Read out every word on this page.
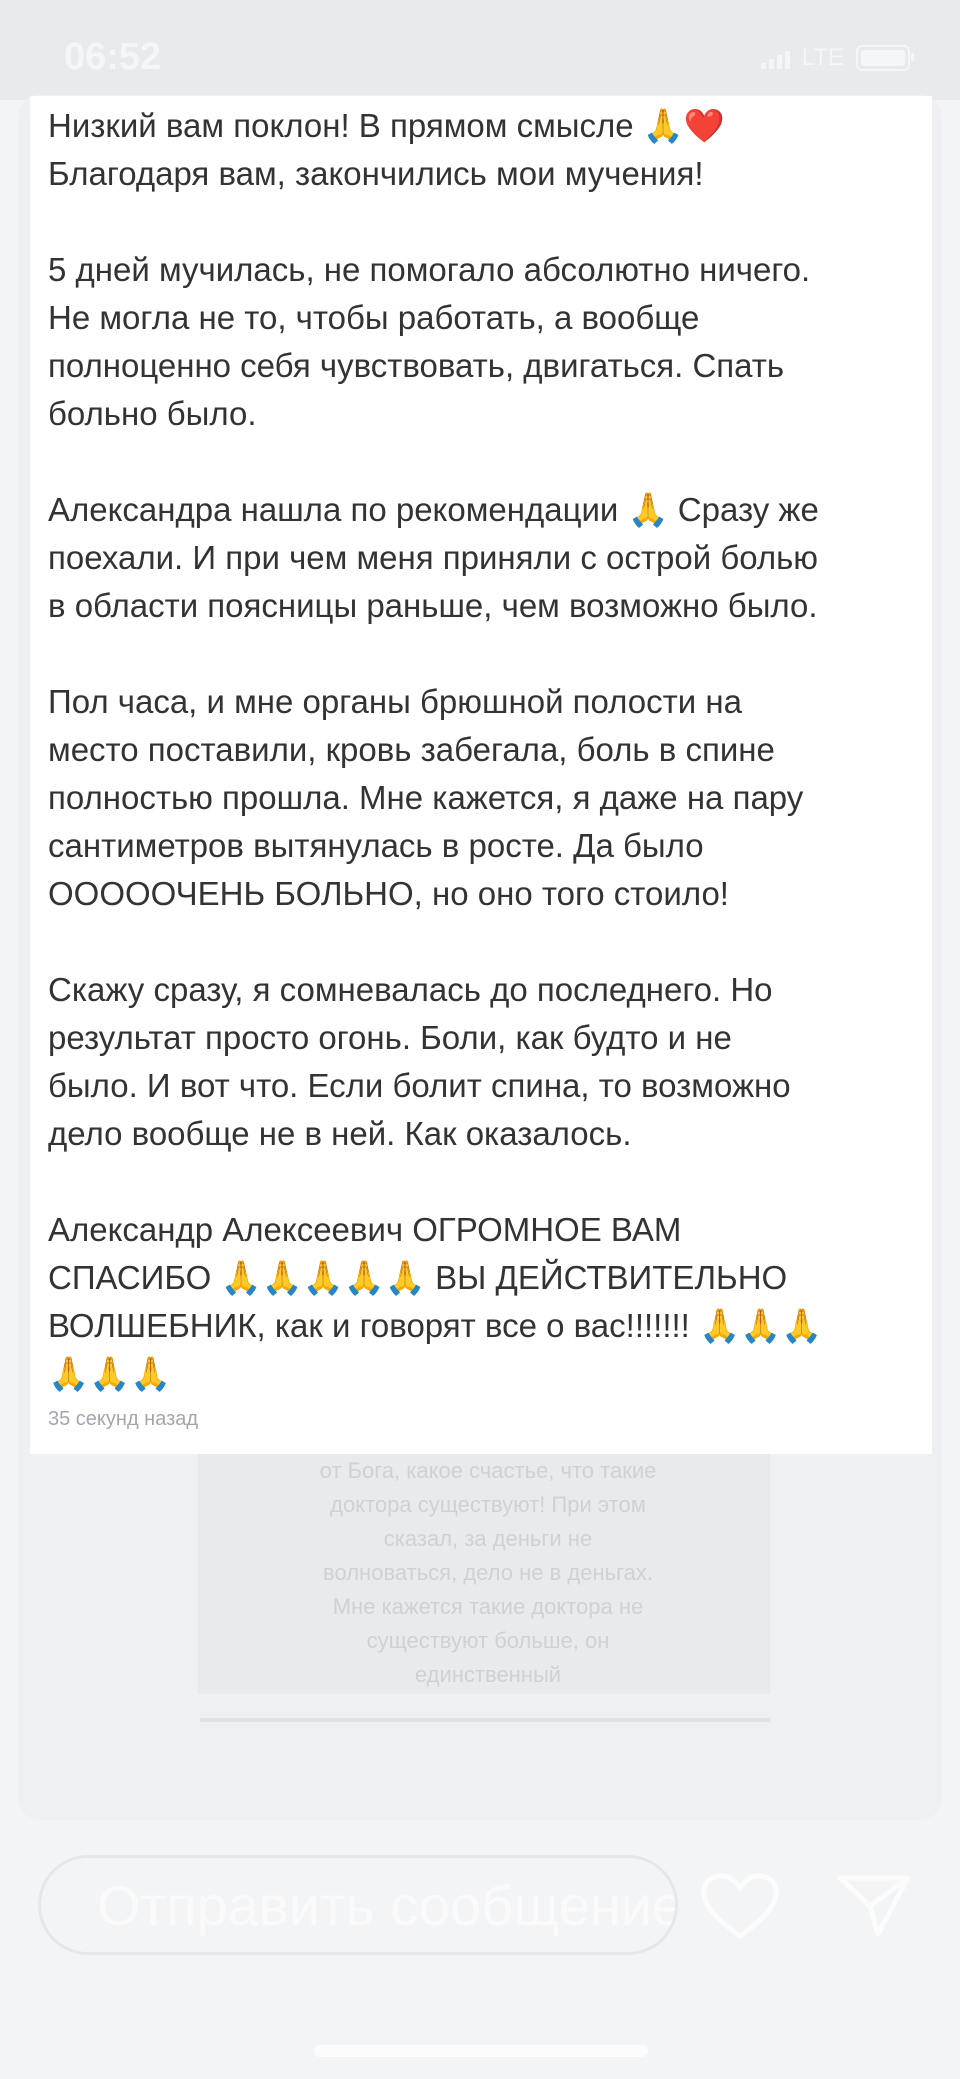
06:52	LTE
от Бога, какое счастье, что такие
доктора существуют! При этом
сказал, за деньги не
волноваться, дело не в деньгах.
Мне кажется такие доктора не
существуют больше, он
единственный
Низкий вам поклон! В прямом смысле 🙏❤️
Благодаря вам, закончились мои мучения!

5 дней мучилась, не помогало абсолютно ничего.
Не могла не то, чтобы работать, а вообще
полноценно себя чувствовать, двигаться. Спать
больно было.

Александра нашла по рекомендации 🙏 Сразу же
поехали. И при чем меня приняли с острой болью
в области поясницы раньше, чем возможно было.

Пол часа, и мне органы брюшной полости на
место поставили, кровь забегала, боль в спине
полностью прошла. Мне кажется, я даже на пару
сантиметров вытянулась в росте. Да было
ОООООЧЕНЬ БОЛЬНО, но оно того стоило!

Скажу сразу, я сомневалась до последнего. Но
результат просто огонь. Боли, как будто и не
было. И вот что. Если болит спина, то возможно
дело вообще не в ней. Как оказалось.

Александр Алексеевич ОГРОМНОЕ ВАМ
СПАСИБО 🙏🙏🙏🙏🙏 ВЫ ДЕЙСТВИТЕЛЬНО
ВОЛШЕБНИК, как и говорят все о вас!!!!!!! 🙏🙏🙏
🙏🙏🙏
35 секунд назад
Отправить сообщение
